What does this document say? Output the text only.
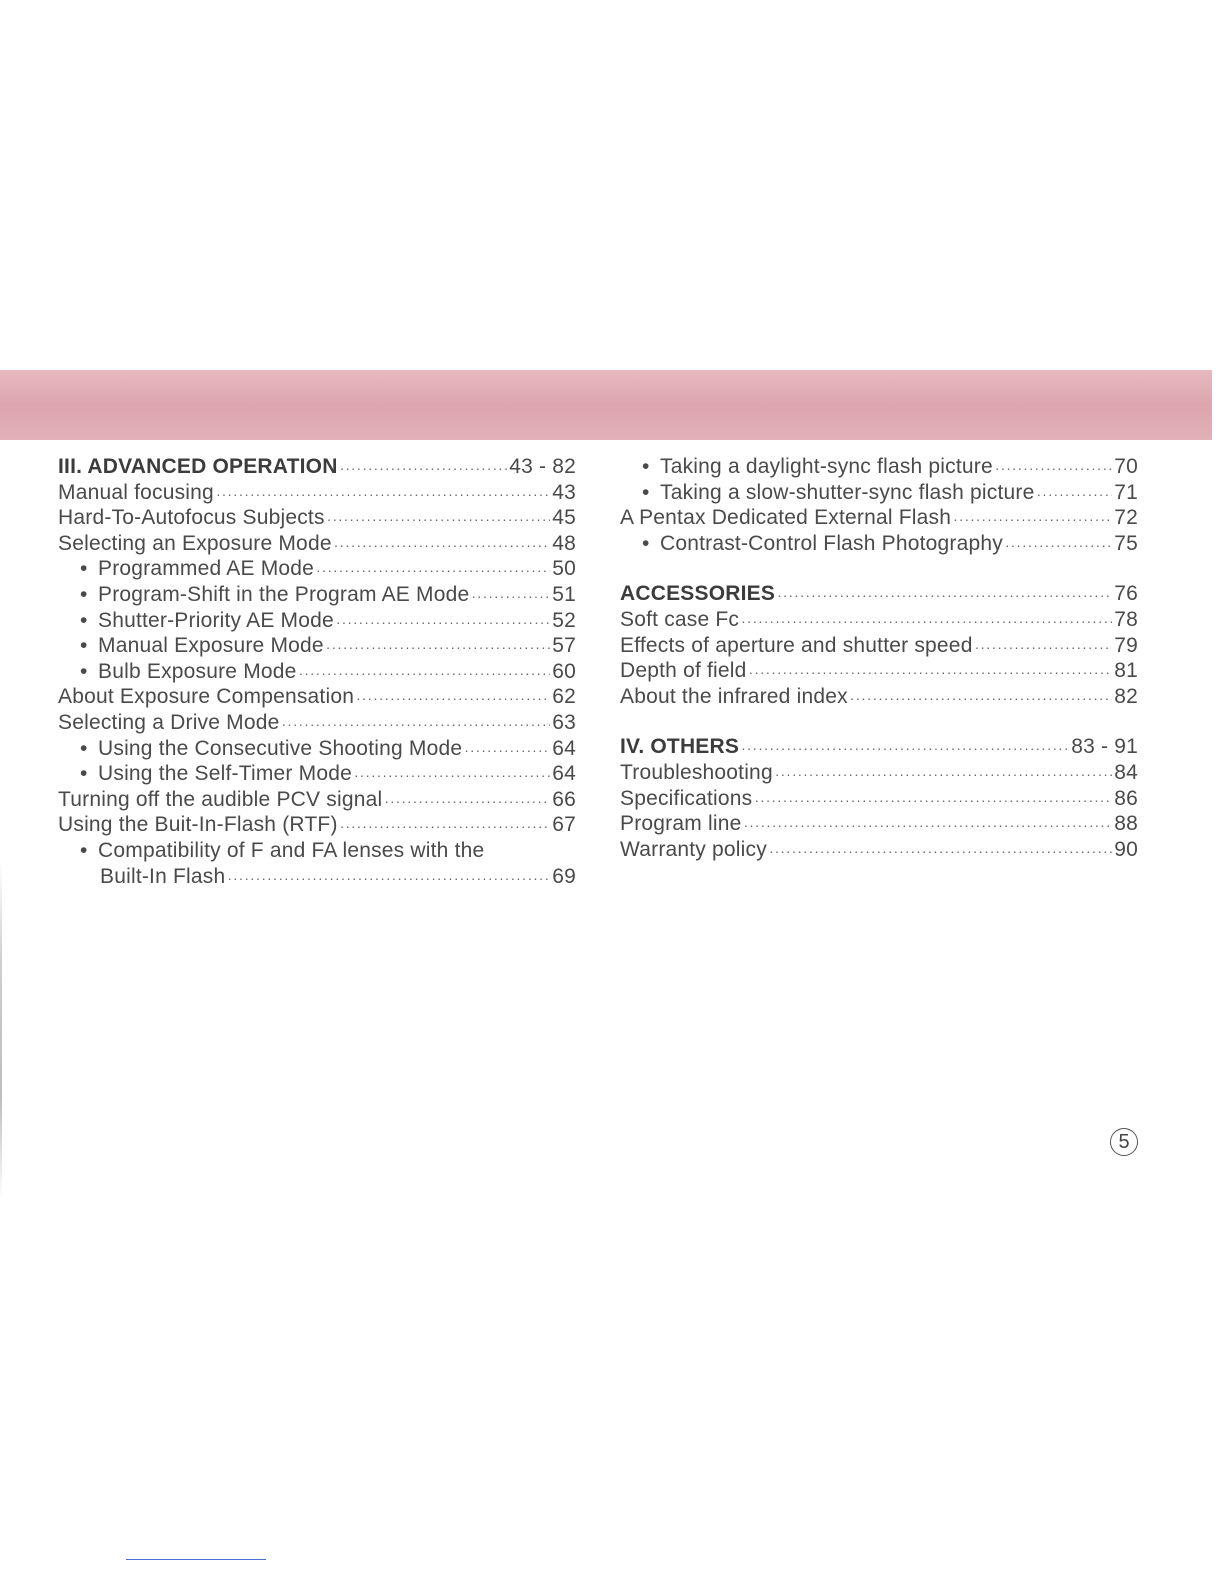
III. ADVANCED OPERATION ·····	43 - 82
Manual focusing ·····	43
Hard-To-Autofocus Subjects ·····	45
Selecting an Exposure Mode ·····	48
• Programmed AE Mode ·····	50
• Program-Shift in the Program AE Mode ·····	51
• Shutter-Priority AE Mode ·····	52
• Manual Exposure Mode ·····	57
• Bulb Exposure Mode ·····	60
About Exposure Compensation ·····	62
Selecting a Drive Mode ·····	63
• Using the Consecutive Shooting Mode ·····	64
• Using the Self-Timer Mode ·····	64
Turning off the audible PCV signal ·····	66
Using the Buit-In-Flash (RTF) ·····	67
• Compatibility of F and FA lenses with the
Built-In Flash ·····	69
• Taking a daylight-sync flash picture ·····	70
• Taking a slow-shutter-sync flash picture ·····	71
A Pentax Dedicated External Flash ·····	72
• Contrast-Control Flash Photography ·····	75
ACCESSORIES ·····	76
Soft case Fc ·····	78
Effects of aperture and shutter speed ·····	79
Depth of field ·····	81
About the infrared index ·····	82
IV. OTHERS ·····	83 - 91
Troubleshooting ·····	84
Specifications ·····	86
Program line ·····	88
Warranty policy ·····	90
5
